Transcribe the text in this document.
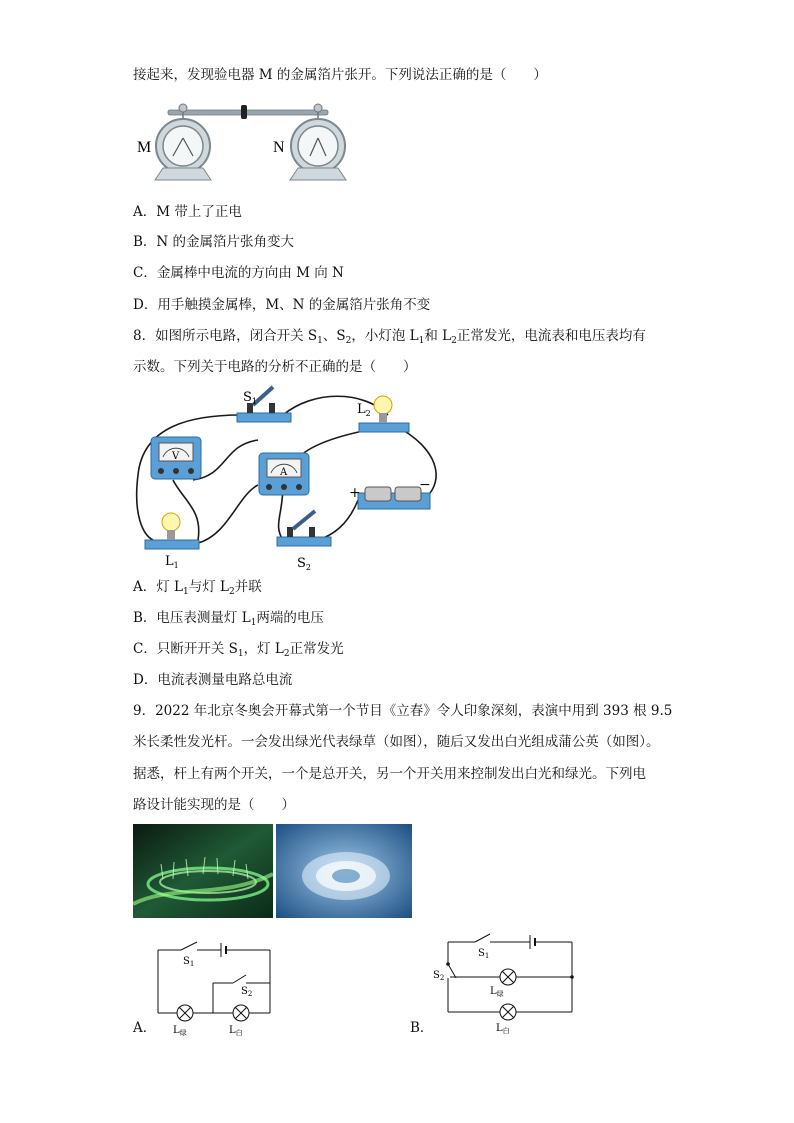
接起来，发现验电器 M 的金属箔片张开。下列说法正确的是（　　）
M	N
A．M 带上了正电
B．N 的金属箔片张角变大
C．金属棒中电流的方向由 M 向 N
D．用手触摸金属棒，M、N 的金属箔片张角不变
8．如图所示电路，闭合开关 $S_1$、$S_2$，小灯泡 $L_1$和 $L_2$正常发光，电流表和电压表均有
示数。下列关于电路的分析不正确的是（　　）
$S_1$
$L_2$
V
A
+	−
$L_1$	$S_2$
A．灯 $L_1$与灯 $L_2$并联
B．电压表测量灯 $L_1$两端的电压
C．只断开开关 $S_1$，灯 $L_2$正常发光
D．电流表测量电路总电流
9．2022 年北京冬奥会开幕式第一个节目《立春》令人印象深刻，表演中用到 393 根 9.5
米长柔性发光杆。一会发出绿光代表绿草（如图），随后又发出白光组成蒲公英（如图）。
据悉，杆上有两个开关，一个是总开关，另一个开关用来控制发出白光和绿光。下列电
路设计能实现的是（　　）
$S_1$
$S_2$
$L_绿$	$L_白$
A．
$S_1$
$S_2$
$L_绿$
$L_白$
B．
